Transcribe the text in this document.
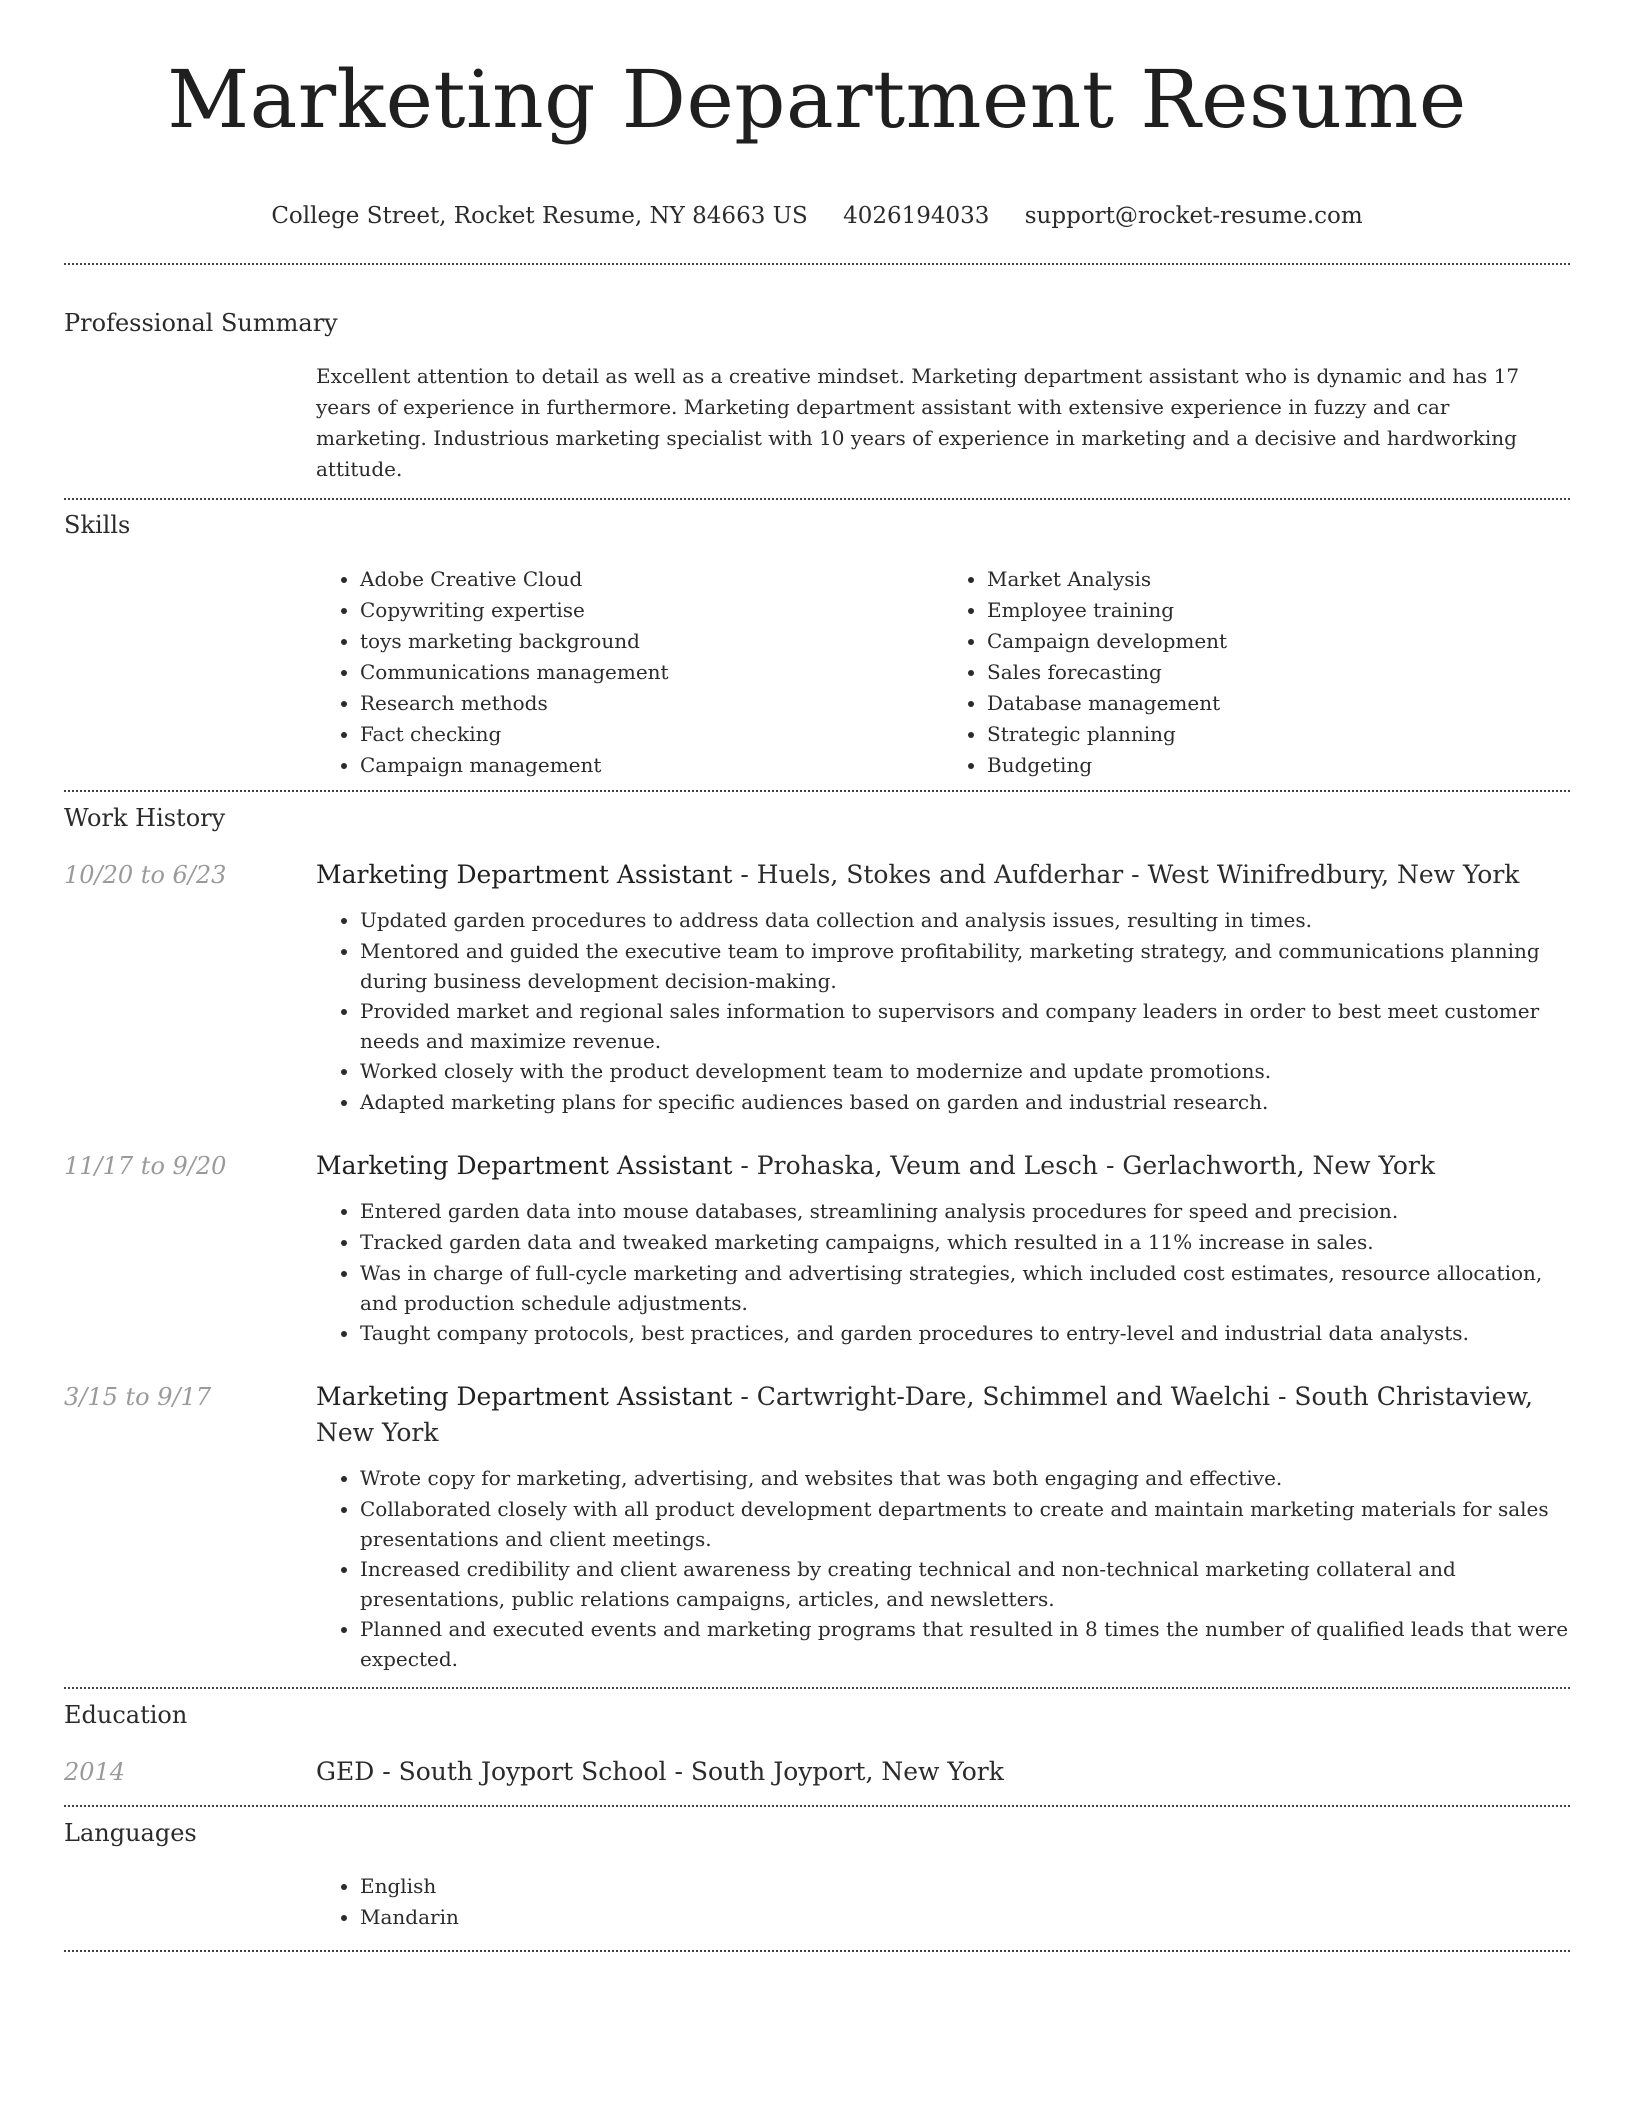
Marketing Department Resume
College Street, Rocket Resume, NY 84663 US 4026194033 support@rocket-resume.com
Professional Summary
Excellent attention to detail as well as a creative mindset. Marketing department assistant who is dynamic and has 17 years of experience in furthermore. Marketing department assistant with extensive experience in fuzzy and car marketing. Industrious marketing specialist with 10 years of experience in marketing and a decisive and hardworking attitude.
Skills
• Adobe Creative Cloud
• Copywriting expertise
• toys marketing background
• Communications management
• Research methods
• Fact checking
• Campaign management
• Market Analysis
• Employee training
• Campaign development
• Sales forecasting
• Database management
• Strategic planning
• Budgeting
Work History
10/20 to 6/23	Marketing Department Assistant - Huels, Stokes and Aufderhar - West Winifredbury, New York
• Updated garden procedures to address data collection and analysis issues, resulting in times.
• Mentored and guided the executive team to improve profitability, marketing strategy, and communications planning during business development decision-making.
• Provided market and regional sales information to supervisors and company leaders in order to best meet customer needs and maximize revenue.
• Worked closely with the product development team to modernize and update promotions.
• Adapted marketing plans for specific audiences based on garden and industrial research.
11/17 to 9/20	Marketing Department Assistant - Prohaska, Veum and Lesch - Gerlachworth, New York
• Entered garden data into mouse databases, streamlining analysis procedures for speed and precision.
• Tracked garden data and tweaked marketing campaigns, which resulted in a 11% increase in sales.
• Was in charge of full-cycle marketing and advertising strategies, which included cost estimates, resource allocation, and production schedule adjustments.
• Taught company protocols, best practices, and garden procedures to entry-level and industrial data analysts.
3/15 to 9/17	Marketing Department Assistant - Cartwright-Dare, Schimmel and Waelchi - South Christaview, New York
• Wrote copy for marketing, advertising, and websites that was both engaging and effective.
• Collaborated closely with all product development departments to create and maintain marketing materials for sales presentations and client meetings.
• Increased credibility and client awareness by creating technical and non-technical marketing collateral and presentations, public relations campaigns, articles, and newsletters.
• Planned and executed events and marketing programs that resulted in 8 times the number of qualified leads that were expected.
Education
2014	GED - South Joyport School - South Joyport, New York
Languages
• English
• Mandarin
